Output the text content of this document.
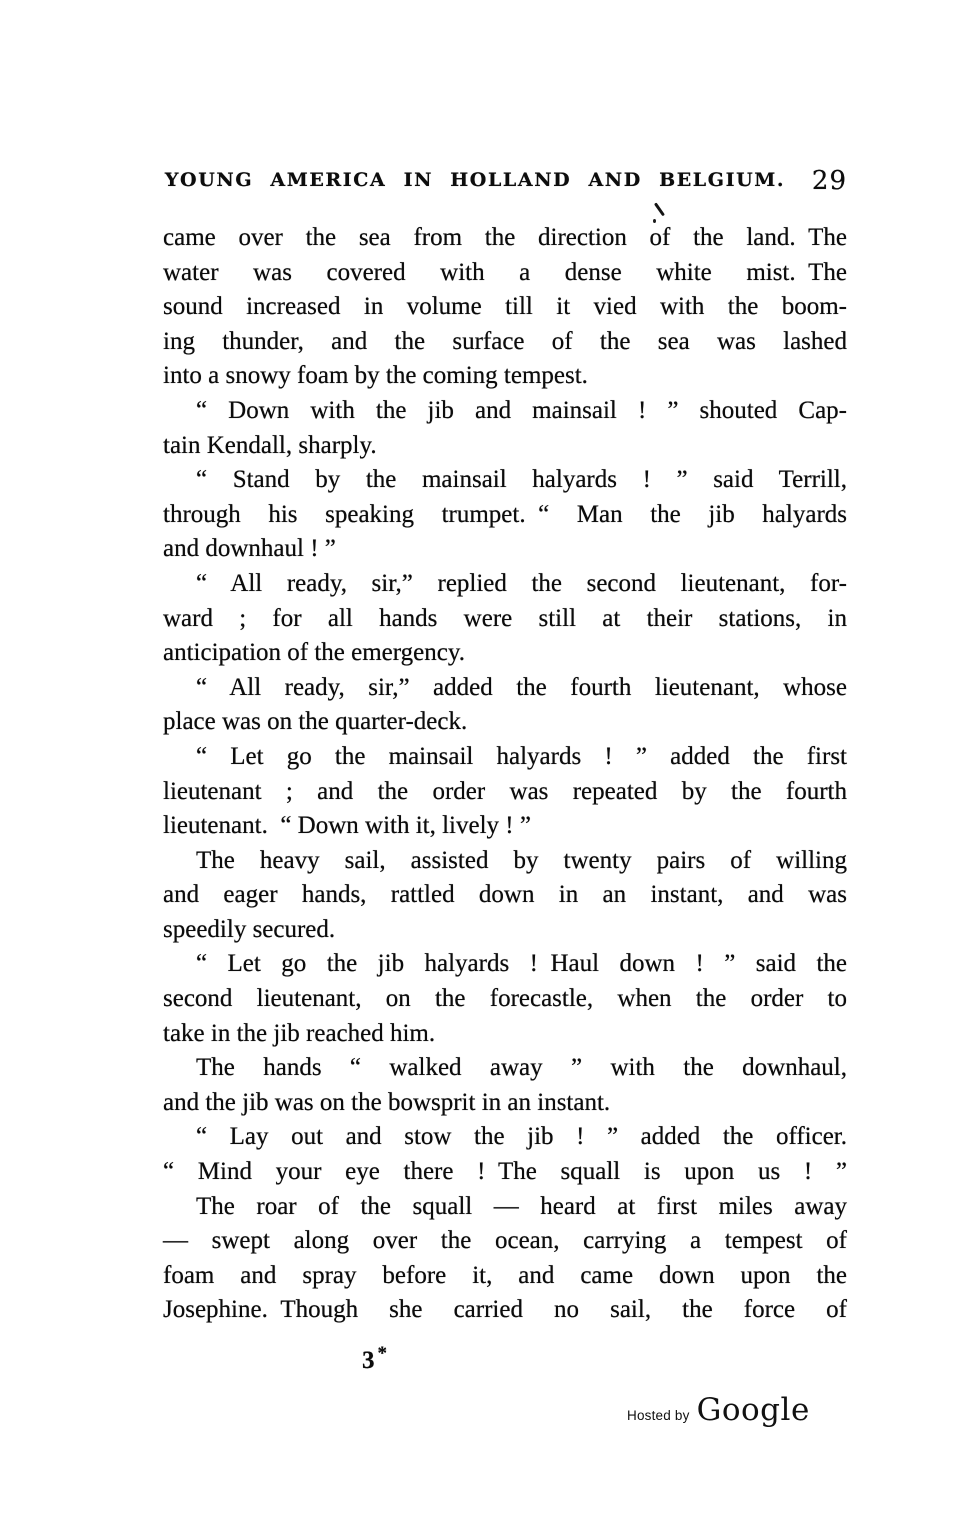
YOUNG AMERICA IN HOLLAND AND BELGIUM. 29
came over the sea from the direction of the land. The
water was covered with a dense white mist. The
sound increased in volume till it vied with the boom-
ing thunder, and the surface of the sea was lashed
into a snowy foam by the coming tempest.
“ Down with the jib and mainsail ! ” shouted Cap-
tain Kendall, sharply.
“ Stand by the mainsail halyards ! ” said Terrill,
through his speaking trumpet. “ Man the jib halyards
and downhaul ! ”
“ All ready, sir,” replied the second lieutenant, for-
ward ; for all hands were still at their stations, in
anticipation of the emergency.
“ All ready, sir,” added the fourth lieutenant, whose
place was on the quarter-deck.
“ Let go the mainsail halyards ! ” added the first
lieutenant ; and the order was repeated by the fourth
lieutenant. “ Down with it, lively ! ”
The heavy sail, assisted by twenty pairs of willing
and eager hands, rattled down in an instant, and was
speedily secured.
“ Let go the jib halyards ! Haul down ! ” said the
second lieutenant, on the forecastle, when the order to
take in the jib reached him.
The hands “ walked away ” with the downhaul,
and the jib was on the bowsprit in an instant.
“ Lay out and stow the jib ! ” added the officer.
“ Mind your eye there ! The squall is upon us ! ”
The roar of the squall — heard at first miles away
— swept along over the ocean, carrying a tempest of
foam and spray before it, and came down upon the
Josephine. Though she carried no sail, the force of
3 *
Hosted by Google
